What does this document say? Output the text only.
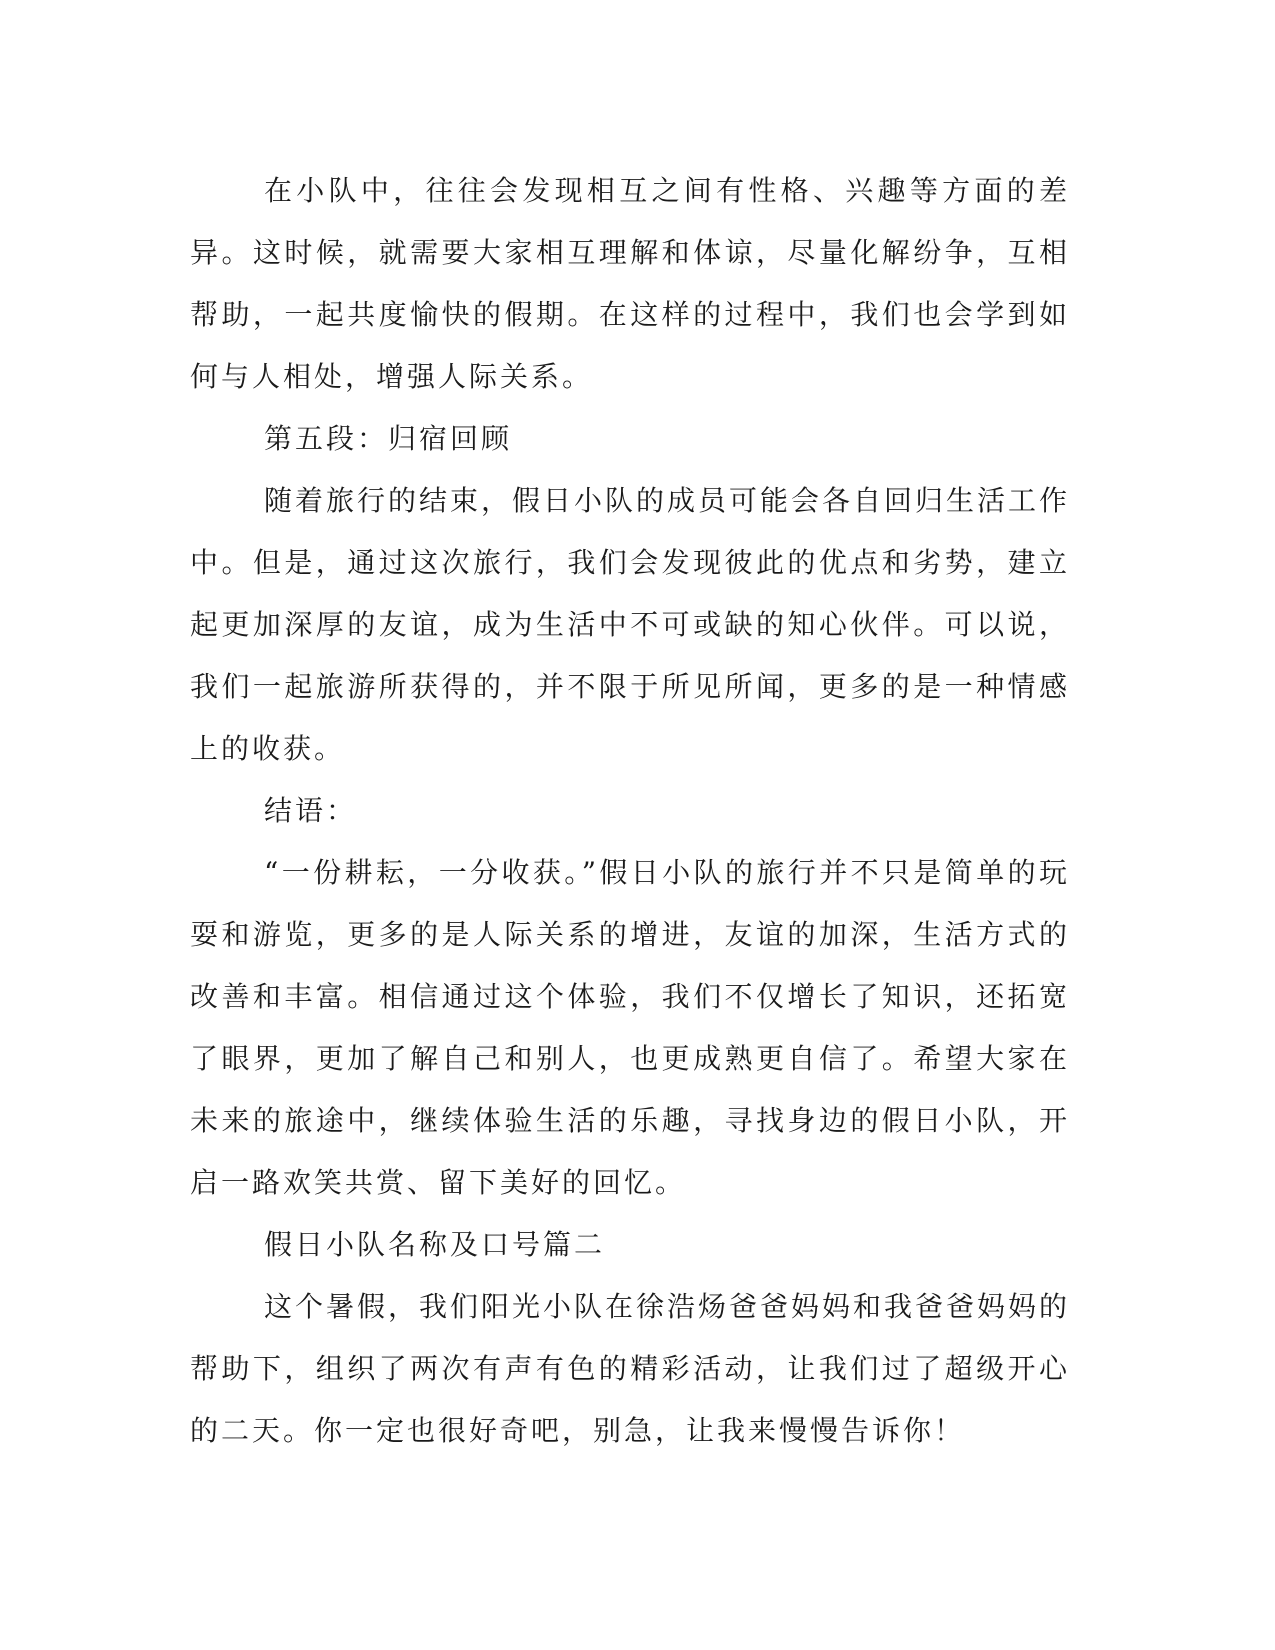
在小队中，往往会发现相互之间有性格、兴趣等方面的差异。这时候，就需要大家相互理解和体谅，尽量化解纷争，互相帮助，一起共度愉快的假期。在这样的过程中，我们也会学到如何与人相处，增强人际关系。

第五段：归宿回顾

随着旅行的结束，假日小队的成员可能会各自回归生活工作中。但是，通过这次旅行，我们会发现彼此的优点和劣势，建立起更加深厚的友谊，成为生活中不可或缺的知心伙伴。可以说，我们一起旅游所获得的，并不限于所见所闻，更多的是一种情感上的收获。

结语：

“一份耕耘，一分收获。”假日小队的旅行并不只是简单的玩耍和游览，更多的是人际关系的增进，友谊的加深，生活方式的改善和丰富。相信通过这个体验，我们不仅增长了知识，还拓宽了眼界，更加了解自己和别人，也更成熟更自信了。希望大家在未来的旅途中，继续体验生活的乐趣，寻找身边的假日小队，开启一路欢笑共赏、留下美好的回忆。

假日小队名称及口号篇二

这个暑假，我们阳光小队在徐浩炀爸爸妈妈和我爸爸妈妈的帮助下，组织了两次有声有色的精彩活动，让我们过了超级开心的二天。你一定也很好奇吧，别急，让我来慢慢告诉你！
